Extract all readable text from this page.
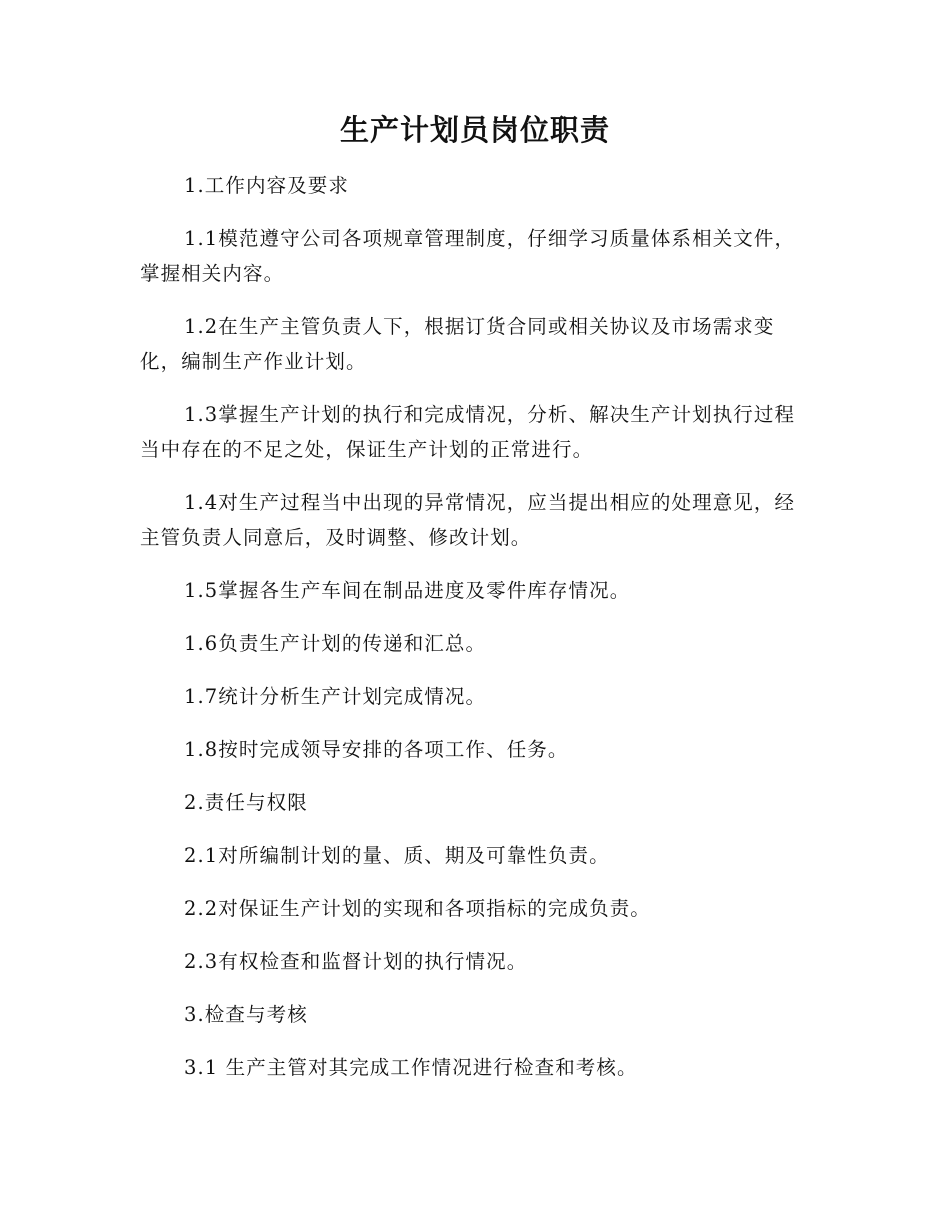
生产计划员岗位职责

1.工作内容及要求

1.1模范遵守公司各项规章管理制度，仔细学习质量体系相关文件，掌握相关内容。

1.2在生产主管负责人下，根据订货合同或相关协议及市场需求变化，编制生产作业计划。

1.3掌握生产计划的执行和完成情况，分析、解决生产计划执行过程当中存在的不足之处，保证生产计划的正常进行。

1.4对生产过程当中出现的异常情况，应当提出相应的处理意见，经主管负责人同意后，及时调整、修改计划。

1.5掌握各生产车间在制品进度及零件库存情况。

1.6负责生产计划的传递和汇总。

1.7统计分析生产计划完成情况。

1.8按时完成领导安排的各项工作、任务。

2.责任与权限

2.1对所编制计划的量、质、期及可靠性负责。

2.2对保证生产计划的实现和各项指标的完成负责。

2.3有权检查和监督计划的执行情况。

3.检查与考核

3.1 生产主管对其完成工作情况进行检查和考核。
